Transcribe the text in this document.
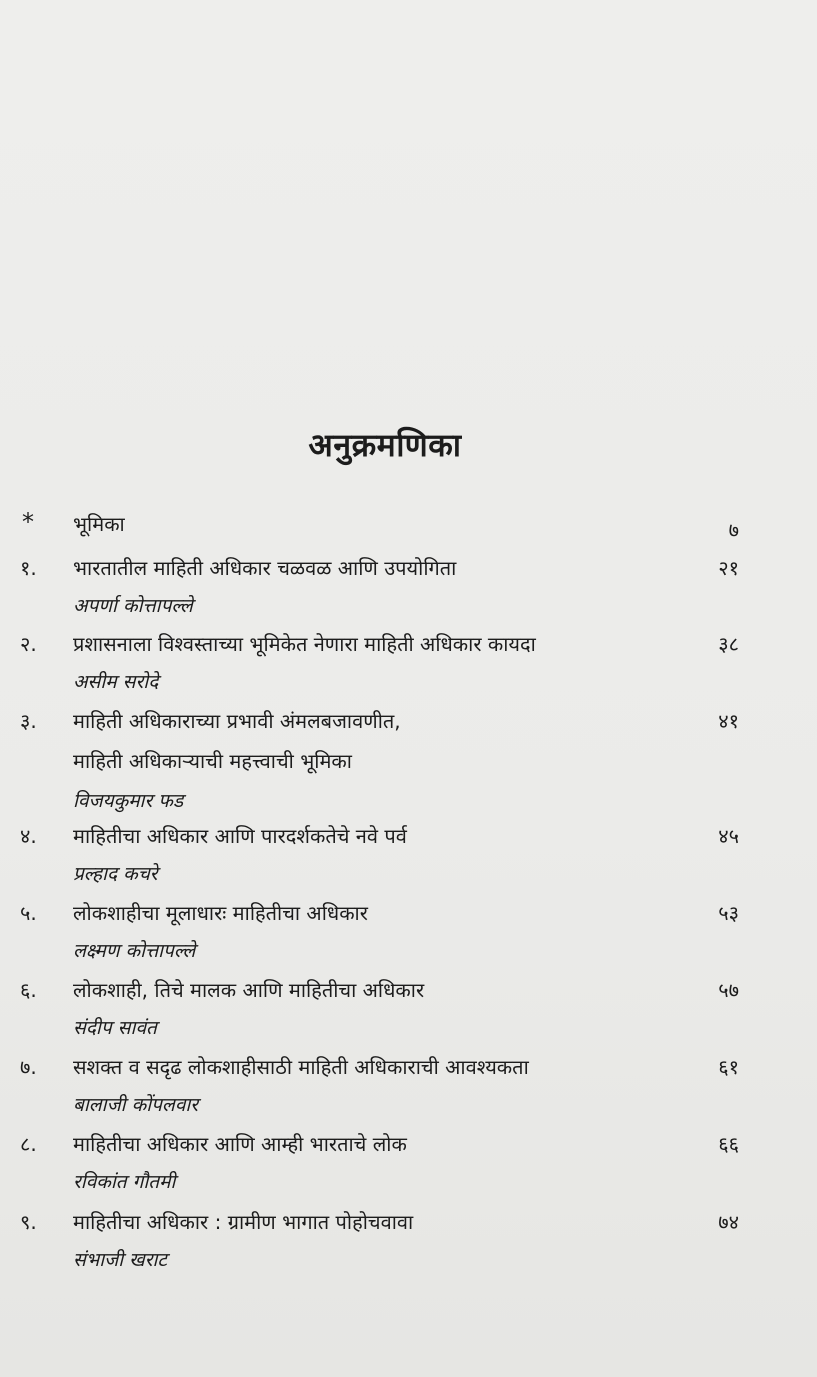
अनुक्रमणिका
*	भूमिका	७
१.	भारतातील माहिती अधिकार चळवळ आणि उपयोगिता	२१
अपर्णा कोत्तापल्ले
२.	प्रशासनाला विश्‍वस्ताच्या भूमिकेत नेणारा माहिती अधिकार कायदा	३८
असीम सरोदे
३.	माहिती अधिकाराच्या प्रभावी अंमलबजावणीत,	४१
माहिती अधिकाऱ्याची महत्त्वाची भूमिका
विजयकुमार फड
४.	माहितीचा अधिकार आणि पारदर्शकतेचे नवे पर्व	४५
प्रल्हाद कचरे
५.	लोकशाहीचा मूलाधारः माहितीचा अधिकार	५३
लक्ष्मण कोत्तापल्ले
६.	लोकशाही, तिचे मालक आणि माहितीचा अधिकार	५७
संदीप सावंत
७.	सशक्त व सदृढ लोकशाहीसाठी माहिती अधिकाराची आवश्यकता	६१
बालाजी कोंपलवार
८.	माहितीचा अधिकार आणि आम्ही भारताचे लोक	६६
रविकांत गौतमी
९.	माहितीचा अधिकार : ग्रामीण भागात पोहोचवावा	७४
संभाजी खराट
